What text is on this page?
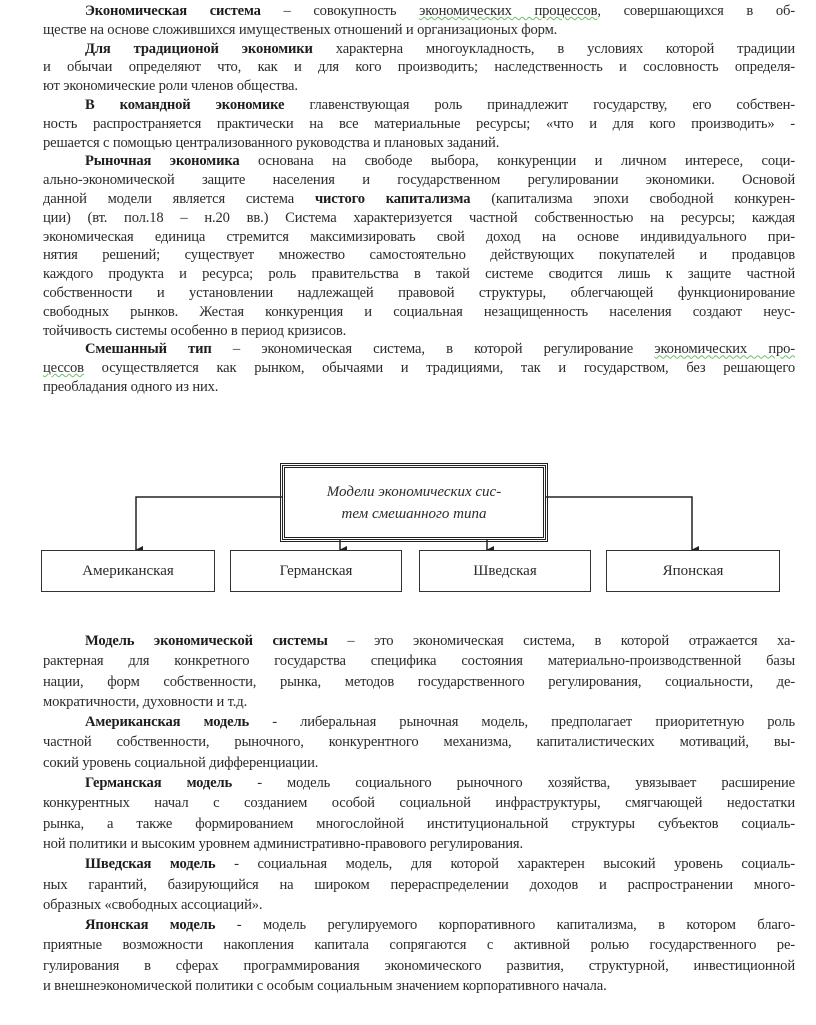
Экономическая система – совокупность экономических процессов, совершающихся в об-
ществе на основе сложившихся имущественых отношений и организационых форм.
Для традиционой экономики характерна многоукладность, в условиях которой традиции
и обычаи определяют что, как и для кого производить; наследственность и сословность определя-
ют экономические роли членов общества.
В командной экономике главенствующая роль принадлежит государству, его собствен-
ность распространяется практически на все материальные ресурсы; «что и для кого производить» -
решается с помощью централизованного руководства и плановых заданий.
Рыночная экономика основана на свободе выбора, конкуренции и личном интересе, соци-
ально-экономической защите населения и государственном регулировании экономики. Основой
данной модели является система чистого капитализма (капитализма эпохи свободной конкурен-
ции) (вт. пол.18 – н.20 вв.) Система характеризуется частной собственностью на ресурсы; каждая
экономическая единица стремится максимизировать свой доход на основе индивидуального при-
нятия решений; существует множество самостоятельно действующих покупателей и продавцов
каждого продукта и ресурса; роль правительства в такой системе сводится лишь к защите частной
собственности и установлении надлежащей правовой структуры, облегчающей функционирование
свободных рынков. Жестая конкуренция и социальная незащищенность населения создают неус-
тойчивость системы особенно в период кризисов.
Смешанный тип – экономическая система, в которой регулирование экономических про-
цессов осуществляется как рынком, обычаями и традициями, так и государством, без решающего
преобладания одного из них.
Модели экономических сис-
тем смешанного типа
Американская	Германская	Шведская	Японская
Модель экономической системы – это экономическая система, в которой отражается ха-
рактерная для конкретного государства специфика состояния материально-производственной базы
нации, форм собственности, рынка, методов государственного регулирования, социальности, де-
мократичности, духовности и т.д.
Американская модель - либеральная рыночная модель, предполагает приоритетную роль
частной собственности, рыночного, конкурентного механизма, капиталистических мотиваций, вы-
сокий уровень социальной дифференциации.
Германская модель - модель социального рыночного хозяйства, увязывает расширение
конкурентных начал с созданием особой социальной инфраструктуры, смягчающей недостатки
рынка, а также формированием многослойной институциональной структуры субъектов социаль-
ной политики и высоким уровнем административно-правового регулирования.
Шведская модель - социальная модель, для которой характерен высокий уровень социаль-
ных гарантий, базирующийся на широком перераспределении доходов и распространении много-
образных «свободных ассоциаций».
Японская модель - модель регулируемого корпоративного капитализма, в котором благо-
приятные возможности накопления капитала сопрягаются с активной ролью государственного ре-
гулирования в сферах программирования экономического развития, структурной, инвестиционной
и внешнеэкономической политики с особым социальным значением корпоративного начала.
